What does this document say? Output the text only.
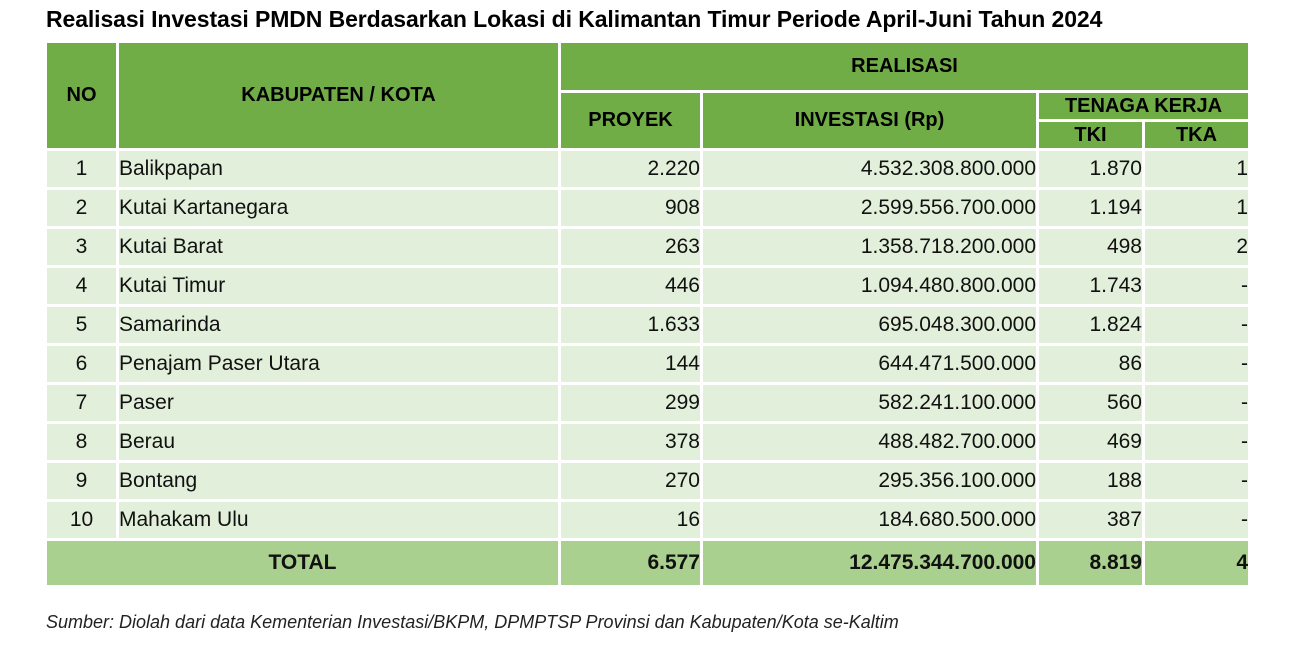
Realisasi Investasi PMDN Berdasarkan Lokasi di Kalimantan Timur Periode April-Juni Tahun 2024
NO	KABUPATEN / KOTA	REALISASI			
		PROYEK	INVESTASI (Rp)	TENAGA KERJA	
				TKI	TKA
1	Balikpapan	2.220	4.532.308.800.000	1.870	1
2	Kutai Kartanegara	908	2.599.556.700.000	1.194	1
3	Kutai Barat	263	1.358.718.200.000	498	2
4	Kutai Timur	446	1.094.480.800.000	1.743	-
5	Samarinda	1.633	695.048.300.000	1.824	-
6	Penajam Paser Utara	144	644.471.500.000	86	-
7	Paser	299	582.241.100.000	560	-
8	Berau	378	488.482.700.000	469	-
9	Bontang	270	295.356.100.000	188	-
10	Mahakam Ulu	16	184.680.500.000	387	-
TOTAL		6.577	12.475.344.700.000	8.819	4
Sumber: Diolah dari data Kementerian Investasi/BKPM, DPMPTSP Provinsi dan Kabupaten/Kota se-Kaltim
